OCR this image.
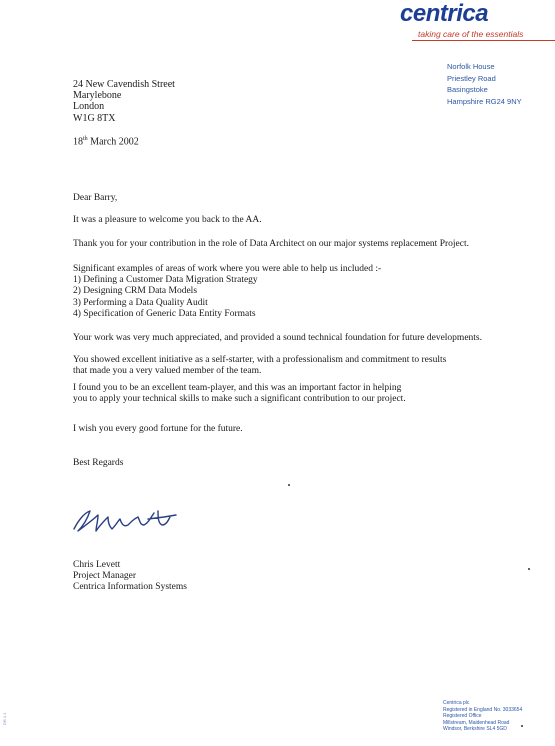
centrica
taking care of the essentials
Norfolk House
Priestley Road
Basingstoke
Hampshire RG24 9NY
24 New Cavendish Street
Marylebone
London
W1G 8TX
18th March 2002
Dear Barry,
It was a pleasure to welcome you back to the AA.
Thank you for your contribution in the role of Data Architect on our major systems replacement Project.
Significant examples of areas of work where you were able to help us included :-
1) Defining a Customer Data Migration Strategy
2) Designing CRM Data Models
3) Performing a Data Quality Audit
4) Specification of Generic Data Entity Formats
Your work was very much appreciated, and provided a sound technical foundation for future developments.
You showed excellent initiative as a self-starter, with a professionalism and commitment to results
that made you a very valued member of the team.
I found you to be an excellent team-player, and this was an important factor in helping
you to apply your technical skills to make such a significant contribution to our project.
I wish you every good fortune for the future.
Best Regards
Chris Levett
Project Manager
Centrica Information Systems
Centrica plc
Registered in England No. 3033654
Registered Office
Millstream, Maidenhead Road
Windsor, Berkshire SL4 5GD
DR 1.1
